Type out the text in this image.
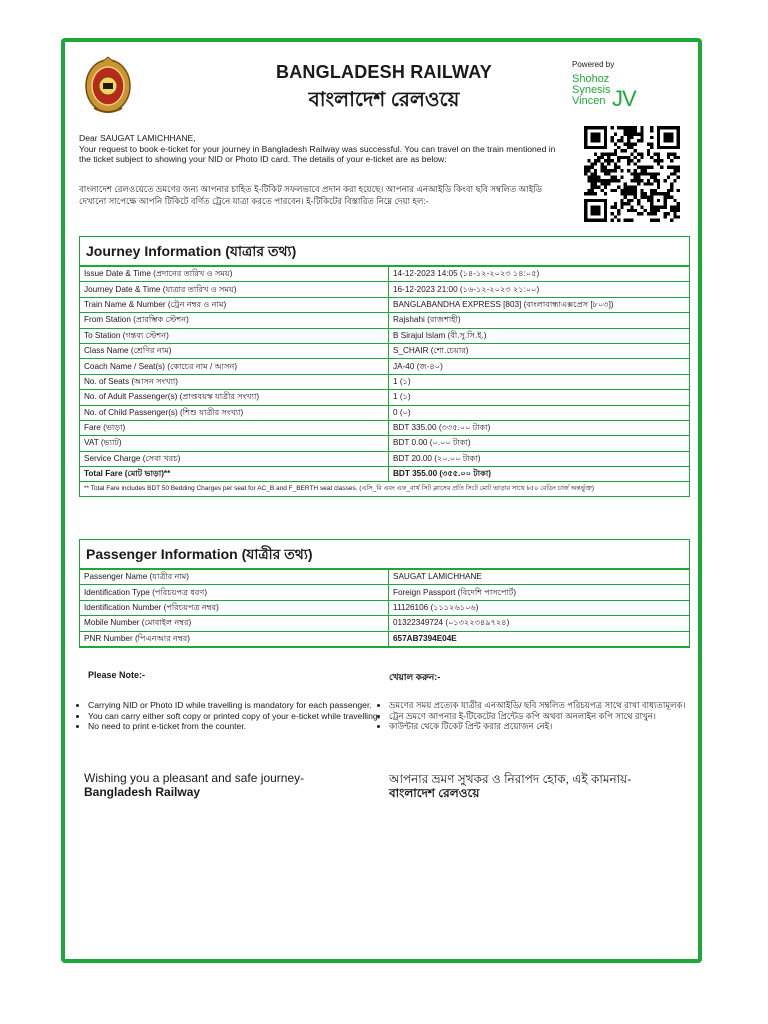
BANGLADESH RAILWAY
বাংলাদেশ রেলওয়ে
Powered by
Shohoz
Synesis
Vincen JV
Dear SAUGAT LAMICHHANE,
Your request to book e-ticket for your journey in Bangladesh Railway was successful. You can travel on the train mentioned in the ticket subject to showing your NID or Photo ID card. The details of your e-ticket are as below:
বাংলাদেশ রেলওয়েতে ভ্রমণের জন্য আপনার চাহিত ই-টিকিট সফলভাবে প্রদান করা হয়েছে। আপনার এনআইডি কিংবা ছবি সম্বলিত আইডি দেখানো সাপেক্ষে আপনি টিকিটে বর্ণিত ট্রেনে যাত্রা করতে পারবেন। ই-টিকিটের বিস্তারিত নিম্নে দেয়া হল:-
Journey Information (যাত্রার তথ্য)
Issue Date & Time (প্রদানের তারিখ ও সময়)	14-12-2023 14:05 (১৪-১২-২০২৩ ১৪:০৫)
Journey Date & Time (যাত্রার তারিখ ও সময়)	16-12-2023 21:00 (১৬-১২-২০২৩ ২১:০০)
Train Name & Number (ট্রেন নম্বর ও নাম)	BANGLABANDHA EXPRESS [803] (বাংলাবান্ধাএক্সপ্রেস [৮০৩])
From Station (প্রারম্ভিক স্টেশন)	Rajshahi (রাজশাহী)
To Station (গন্তব্য স্টেশন)	B Sirajul Islam (বী.সু.সি.ই.)
Class Name (শ্রেণির নাম)	S_CHAIR (শো.চেয়ার)
Coach Name / Seat(s) (কোচের নাম / আসন)	JA-40 (জ-৪০)
No. of Seats (আসন সংখ্যা)	1 (১)
No. of Adult Passenger(s) (প্রাপ্তবয়স্ক যাত্রীর সংখ্যা)	1 (১)
No. of Child Passenger(s) (শিশু যাত্রীর সংখ্যা)	0 (০)
Fare (ভাড়া)	BDT 335.00 (৩৩৫.০০ টাকা)
VAT (ভ্যাট)	BDT 0.00 (০.০০ টাকা)
Service Charge (সেবা খরচ)	BDT 20.00 (২০.০০ টাকা)
Total Fare (মোট ভাড়া)**	BDT 355.00 (৩৫৫.০০ টাকা)
** Total Fare includes BDT 50 Bedding Charges per seat for AC_B and F_BERTH seat classes. (এসি_বি এবং এফ_বার্থ সিট ক্লাসের প্রতি সিটে মোট ভাড়ার সাথে ৳৫০ বেডিং চার্জ অন্তর্ভুক্ত)
Passenger Information (যাত্রীর তথ্য)
Passenger Name (যাত্রীর নাম)	SAUGAT LAMICHHANE
Identification Type (পরিচয়পত্র ধরণ)	Foreign Passport (বিদেশি পাসপোর্ট)
Identification Number (পরিচয়পত্র নম্বর)	11126106 (১১১২৬১০৬)
Mobile Number (মোবাইল নম্বর)	01322349724 (০১৩২২৩৪৯৭২৪)
PNR Number (পিএনআর নম্বর)	657AB7394E04E
Please Note:-	খেয়াল করুন:-
• Carrying NID or Photo ID while travelling is mandatory for each passenger.
• You can carry either soft copy or printed copy of your e-ticket while travelling.
• No need to print e-ticket from the counter.
• ভ্রমণের সময় প্রত্যেক যাত্রীর এনআইডি/ ছবি সম্বলিত পরিচয়পত্র সাথে রাখা বাধ্যতামূলক।
• ট্রেন ভ্রমণে আপনার ই-টিকেটের প্রিন্টেড কপি অথবা অনলাইন কপি সাথে রাখুন।
• কাউন্টার থেকে টিকেট প্রিন্ট করার প্রয়োজন নেই।
Wishing you a pleasant and safe journey-
Bangladesh Railway
আপনার ভ্রমণ সুখকর ও নিরাপদ হোক, এই কামনায়-
বাংলাদেশ রেলওয়ে
